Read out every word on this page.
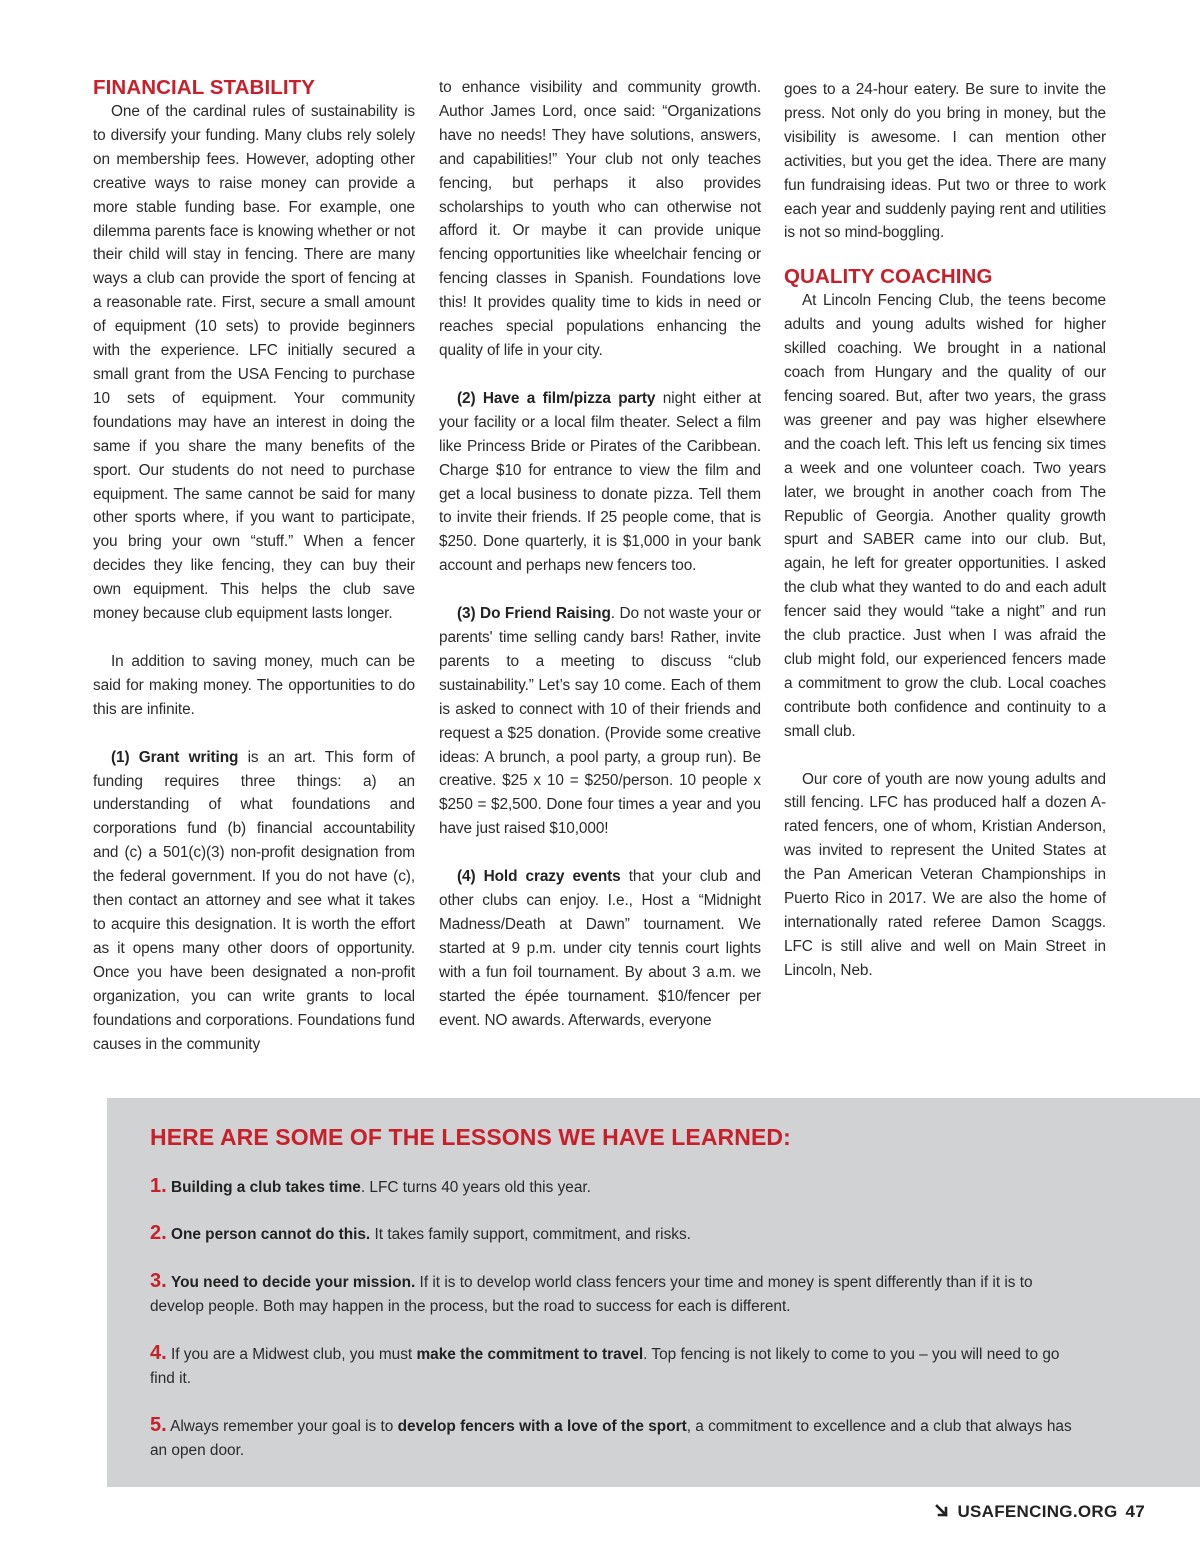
FINANCIAL STABILITY

One of the cardinal rules of sustainability is to diversify your funding. Many clubs rely solely on membership fees. However, adopting other creative ways to raise money can provide a more stable funding base. For example, one dilemma parents face is knowing whether or not their child will stay in fencing. There are many ways a club can provide the sport of fencing at a reasonable rate. First, secure a small amount of equipment (10 sets) to provide beginners with the experience. LFC initially secured a small grant from the USA Fencing to purchase 10 sets of equipment. Your community foundations may have an interest in doing the same if you share the many benefits of the sport. Our students do not need to purchase equipment. The same cannot be said for many other sports where, if you want to participate, you bring your own “stuff.” When a fencer decides they like fencing, they can buy their own equipment. This helps the club save money because club equipment lasts longer.

In addition to saving money, much can be said for making money. The opportunities to do this are infinite.

(1) Grant writing is an art. This form of funding requires three things: a) an understanding of what foundations and corporations fund (b) financial accountability and (c) a 501(c)(3) non-profit designation from the federal government. If you do not have (c), then contact an attorney and see what it takes to acquire this designation. It is worth the effort as it opens many other doors of opportunity. Once you have been designated a non-profit organization, you can write grants to local foundations and corporations. Foundations fund causes in the community

to enhance visibility and community growth. Author James Lord, once said: “Organizations have no needs! They have solutions, answers, and capabilities!” Your club not only teaches fencing, but perhaps it also provides scholarships to youth who can otherwise not afford it. Or maybe it can provide unique fencing opportunities like wheelchair fencing or fencing classes in Spanish. Foundations love this! It provides quality time to kids in need or reaches special populations enhancing the quality of life in your city.

(2) Have a film/pizza party night either at your facility or a local film theater. Select a film like Princess Bride or Pirates of the Caribbean. Charge $10 for entrance to view the film and get a local business to donate pizza. Tell them to invite their friends. If 25 people come, that is $250. Done quarterly, it is $1,000 in your bank account and perhaps new fencers too.

(3) Do Friend Raising. Do not waste your or parents' time selling candy bars! Rather, invite parents to a meeting to discuss “club sustainability.” Let’s say 10 come. Each of them is asked to connect with 10 of their friends and request a $25 donation. (Provide some creative ideas: A brunch, a pool party, a group run). Be creative. $25 x 10 = $250/person. 10 people x $250 = $2,500. Done four times a year and you have just raised $10,000!

(4) Hold crazy events that your club and other clubs can enjoy. I.e., Host a “Midnight Madness/Death at Dawn” tournament. We started at 9 p.m. under city tennis court lights with a fun foil tournament. By about 3 a.m. we started the épée tournament. $10/fencer per event. NO awards. Afterwards, everyone

goes to a 24-hour eatery. Be sure to invite the press. Not only do you bring in money, but the visibility is awesome. I can mention other activities, but you get the idea. There are many fun fundraising ideas. Put two or three to work each year and suddenly paying rent and utilities is not so mind-boggling.

QUALITY COACHING

At Lincoln Fencing Club, the teens become adults and young adults wished for higher skilled coaching. We brought in a national coach from Hungary and the quality of our fencing soared. But, after two years, the grass was greener and pay was higher elsewhere and the coach left. This left us fencing six times a week and one volunteer coach. Two years later, we brought in another coach from The Republic of Georgia. Another quality growth spurt and SABER came into our club. But, again, he left for greater opportunities. I asked the club what they wanted to do and each adult fencer said they would “take a night” and run the club practice. Just when I was afraid the club might fold, our experienced fencers made a commitment to grow the club. Local coaches contribute both confidence and continuity to a small club.

Our core of youth are now young adults and still fencing. LFC has produced half a dozen A-rated fencers, one of whom, Kristian Anderson, was invited to represent the United States at the Pan American Veteran Championships in Puerto Rico in 2017. We are also the home of internationally rated referee Damon Scaggs. LFC is still alive and well on Main Street in Lincoln, Neb.

HERE ARE SOME OF THE LESSONS WE HAVE LEARNED:
1. Building a club takes time. LFC turns 40 years old this year.
2. One person cannot do this. It takes family support, commitment, and risks.
3. You need to decide your mission. If it is to develop world class fencers your time and money is spent differently than if it is to develop people. Both may happen in the process, but the road to success for each is different.
4. If you are a Midwest club, you must make the commitment to travel. Top fencing is not likely to come to you – you will need to go find it.
5. Always remember your goal is to develop fencers with a love of the sport, a commitment to excellence and a club that always has an open door.
USAFENCING.ORG 47
